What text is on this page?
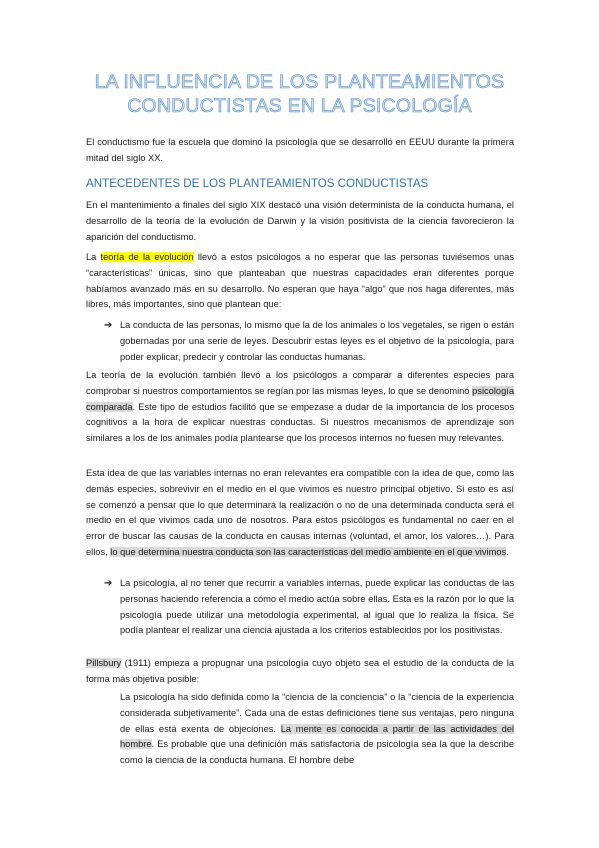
LA INFLUENCIA DE LOS PLANTEAMIENTOS
CONDUCTISTAS EN LA PSICOLOGÍA
El conductismo fue la escuela que dominó la psicología que se desarrolló en EEUU durante la primera mitad del siglo XX.
ANTECEDENTES DE LOS PLANTEAMIENTOS CONDUCTISTAS
En el mantenimiento a finales del siglo XIX destacó una visión determinista de la conducta humana, el desarrollo de la teoría de la evolución de Darwin y la visión positivista de la ciencia favorecieron la aparición del conductismo.
La teoría de la evolución llevó a estos psicólogos a no esperar que las personas tuviésemos unas “características” únicas, sino que planteaban que nuestras capacidades eran diferentes porque habíamos avanzado más en su desarrollo. No esperan que haya “algo” que nos haga diferentes, más libres, más importantes, sino que plantean que:
➔ La conducta de las personas, lo mismo que la de los animales o los vegetales, se rigen o están gobernadas por una serie de leyes. Descubrir estas leyes es el objetivo de la psicología, para poder explicar, predecir y controlar las conductas humanas.
La teoría de la evolución también llevó a los psicólogos a comparar a diferentes especies para comprobar si nuestros comportamientos se regían por las mismas leyes, lo que se denominó psicología comparada. Este tipo de estudios facilitó que se empezase a dudar de la importancia de los procesos cognitivos a la hora de explicar nuestras conductas. Si nuestros mecanismos de aprendizaje son similares a los de los animales podía plantearse que los procesos internos no fuesen muy relevantes.
Esta idea de que las variables internas no eran relevantes era compatible con la idea de que, como las demás especies, sobrevivir en el medio en el que vivimos es nuestro principal objetivo. Si esto es así se comenzó a pensar que lo que determinará la realización o no de una determinada conducta será el medio en el que vivimos cada uno de nosotros. Para estos psicólogos es fundamental no caer en el error de buscar las causas de la conducta en causas internas (voluntad, el amor, los valores…). Para ellos, lo que determina nuestra conducta son las características del medio ambiente en el que vivimos.
➔ La psicología, al no tener que recurrir a variables internas, puede explicar las conductas de las personas haciendo referencia a cómo el medio actúa sobre ellas. Esta es la razón por lo que la psicología puede utilizar una metodología experimental, al igual que lo realiza la física. Se podía plantear el realizar una ciencia ajustada a los criterios establecidos por los positivistas.
Pillsbury (1911) empieza a propugnar una psicología cuyo objeto sea el estudio de la conducta de la forma más objetiva posible:
La psicología ha sido definida como la “ciencia de la conciencia” o la “ciencia de la experiencia considerada subjetivamente”. Cada una de estas definiciones tiene sus ventajas, pero ninguna de ellas está exenta de objeciones. La mente es conocida a partir de las actividades del hombre. Es probable que una definición más satisfactoria de psicología sea la que la describe como la ciencia de la conducta humana. El hombre debe
